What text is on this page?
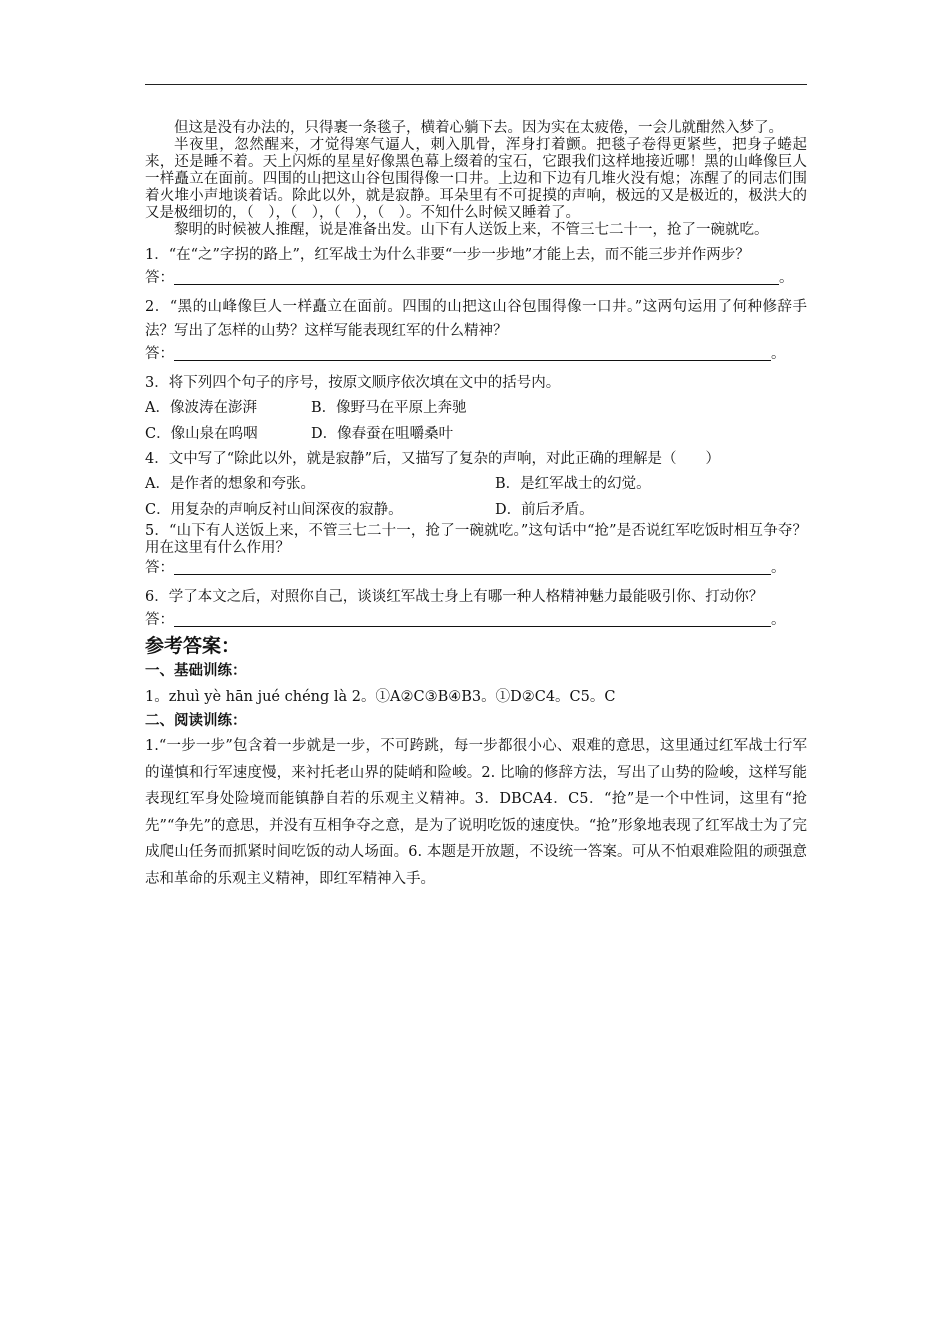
但这是没有办法的，只得裹一条毯子，横着心躺下去。因为实在太疲倦，一会儿就酣然入梦了。

半夜里，忽然醒来，才觉得寒气逼人，刺入肌骨，浑身打着颤。把毯子卷得更紧些，把身子蜷起来，还是睡不着。天上闪烁的星星好像黑色幕上缀着的宝石，它跟我们这样地接近哪！黑的山峰像巨人一样矗立在面前。四围的山把这山谷包围得像一口井。上边和下边有几堆火没有熄；冻醒了的同志们围着火堆小声地谈着话。除此以外，就是寂静。耳朵里有不可捉摸的声响，极远的又是极近的，极洪大的又是极细切的，（　），（　），（　），（　）。不知什么时候又睡着了。

黎明的时候被人推醒，说是准备出发。山下有人送饭上来，不管三七二十一，抢了一碗就吃。

1．“在“之”字拐的路上”，红军战士为什么非要“一步一步地”才能上去，而不能三步并作两步？

答：	。

2．“黑的山峰像巨人一样矗立在面前。四围的山把这山谷包围得像一口井。”这两句运用了何种修辞手法？写出了怎样的山势？这样写能表现红军的什么精神？

答：	。

3．将下列四个句子的序号，按原文顺序依次填在文中的括号内。

A．像波涛在澎湃	B．像野马在平原上奔驰
C．像山泉在呜咽	D．像春蚕在咀嚼桑叶

4．文中写了“除此以外，就是寂静”后，又描写了复杂的声响，对此正确的理解是（　　）

A．是作者的想象和夸张。	B．是红军战士的幻觉。
C．用复杂的声响反衬山间深夜的寂静。	D．前后矛盾。

5．“山下有人送饭上来，不管三七二十一，抢了一碗就吃。”这句话中“抢”是否说红军吃饭时相互争夺？用在这里有什么作用？

答：	。

6．学了本文之后，对照你自己，谈谈红军战士身上有哪一种人格精神魅力最能吸引你、打动你？

答：	。

参考答案：

一、基础训练：

1。zhuì yè hān jué chéng là 2。①A②C③B④B3。①D②C4。C5。C

二、阅读训练：

1.“一步一步”包含着一步就是一步，不可跨跳，每一步都很小心、艰难的意思，这里通过红军战士行军的谨慎和行军速度慢，来衬托老山界的陡峭和险峻。2. 比喻的修辞方法，写出了山势的险峻，这样写能表现红军身处险境而能镇静自若的乐观主义精神。3．DBCA4．C5．“抢”是一个中性词，这里有“抢先”“争先”的意思，并没有互相争夺之意，是为了说明吃饭的速度快。“抢”形象地表现了红军战士为了完成爬山任务而抓紧时间吃饭的动人场面。6. 本题是开放题，不设统一答案。可从不怕艰难险阻的顽强意志和革命的乐观主义精神，即红军精神入手。
